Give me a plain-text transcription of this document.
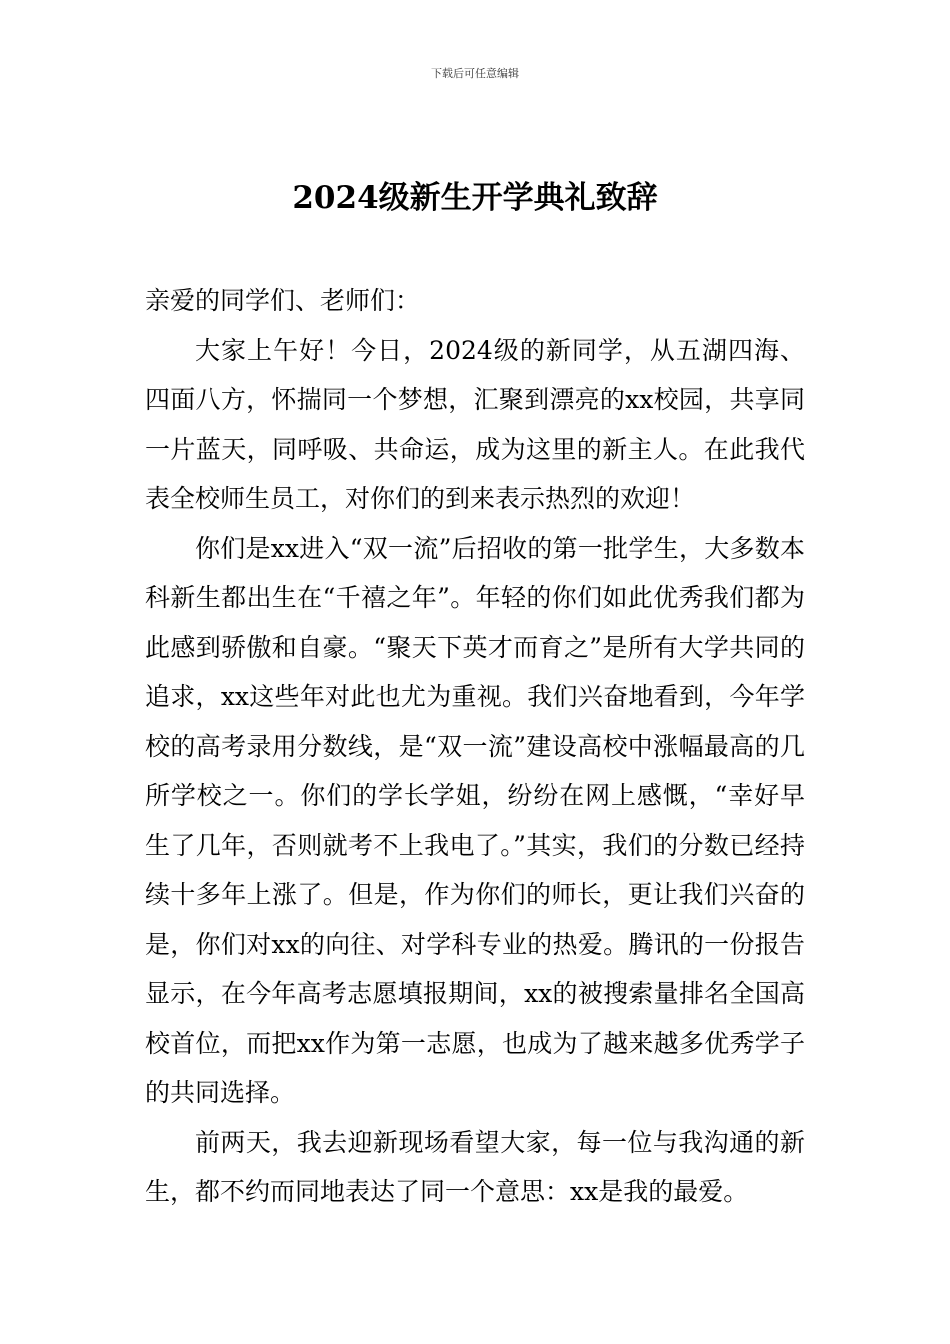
下载后可任意编辑
2024级新生开学典礼致辞

亲爱的同学们、老师们：

大家上午好！今日，2024级的新同学，从五湖四海、四面八方，怀揣同一个梦想，汇聚到漂亮的xx校园，共享同一片蓝天，同呼吸、共命运，成为这里的新主人。在此我代表全校师生员工，对你们的到来表示热烈的欢迎！

你们是xx进入“双一流”后招收的第一批学生，大多数本科新生都出生在“千禧之年”。年轻的你们如此优秀我们都为此感到骄傲和自豪。“聚天下英才而育之”是所有大学共同的追求，xx这些年对此也尤为重视。我们兴奋地看到，今年学校的高考录用分数线，是“双一流”建设高校中涨幅最高的几所学校之一。你们的学长学姐，纷纷在网上感慨，“幸好早生了几年，否则就考不上我电了。”其实，我们的分数已经持续十多年上涨了。但是，作为你们的师长，更让我们兴奋的是，你们对xx的向往、对学科专业的热爱。腾讯的一份报告显示，在今年高考志愿填报期间，xx的被搜索量排名全国高校首位，而把xx作为第一志愿，也成为了越来越多优秀学子的共同选择。

前两天，我去迎新现场看望大家，每一位与我沟通的新生，都不约而同地表达了同一个意思：xx是我的最爱。
